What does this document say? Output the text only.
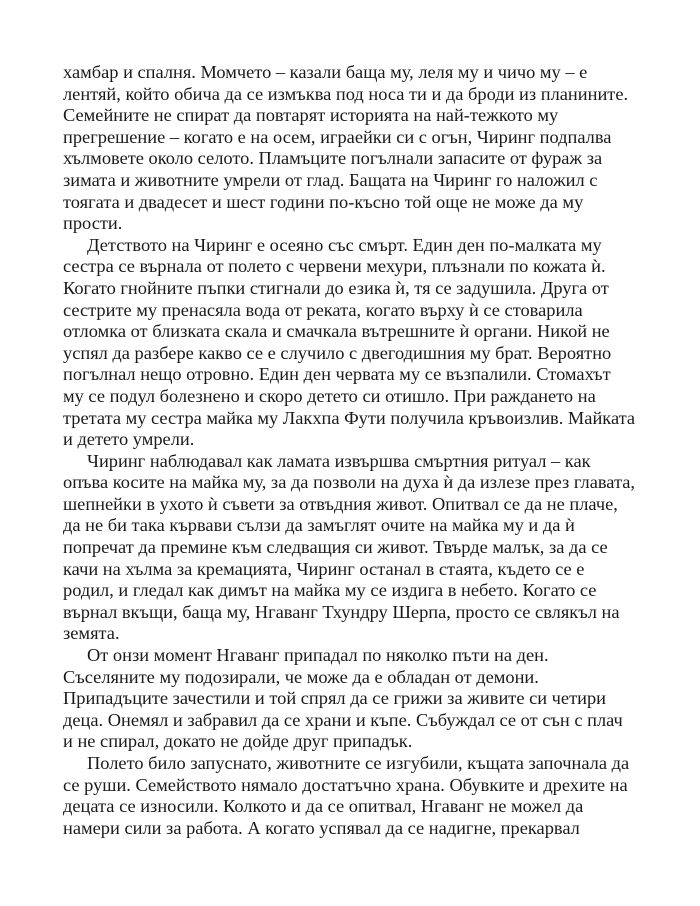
хамбар и спалня. Момчето – казали баща му, леля му и чичо му – е
лентяй, който обича да се измъква под носа ти и да броди из планините.
Семейните не спират да повтарят историята на най-тежкото му
прегрешение – когато е на осем, играейки си с огън, Чиринг подпалва
хълмовете около селото. Пламъците погълнали запасите от фураж за
зимата и животните умрели от глад. Бащата на Чиринг го наложил с
тоягата и двадесет и шест години по-късно той още не може да му
прости.
Детството на Чиринг е осеяно със смърт. Един ден по-малката му
сестра се върнала от полето с червени мехури, плъзнали по кожата ѝ.
Когато гнойните пъпки стигнали до езика ѝ, тя се задушила. Друга от
сестрите му пренасяла вода от реката, когато върху ѝ се стоварила
отломка от близката скала и смачкала вътрешните ѝ органи. Никой не
успял да разбере какво се е случило с двегодишния му брат. Вероятно
погълнал нещо отровно. Един ден червата му се възпалили. Стомахът
му се подул болезнено и скоро детето си отишло. При раждането на
третата му сестра майка му Лакхпа Фути получила кръвоизлив. Майката
и детето умрели.
Чиринг наблюдавал как ламата извършва смъртния ритуал – как
опъва косите на майка му, за да позволи на духа ѝ да излезе през главата,
шепнейки в ухото ѝ съвети за отвъдния живот. Опитвал се да не плаче,
да не би така кървави сълзи да замъглят очите на майка му и да ѝ
попречат да премине към следващия си живот. Твърде малък, за да се
качи на хълма за кремацията, Чиринг останал в стаята, където се е
родил, и гледал как димът на майка му се издига в небето. Когато се
върнал вкъщи, баща му, Нгаванг Тхундру Шерпа, просто се свлякъл на
земята.
От онзи момент Нгаванг припадал по няколко пъти на ден.
Съселяните му подозирали, че може да е обладан от демони.
Припадъците зачестили и той спрял да се грижи за живите си четири
деца. Онемял и забравил да се храни и къпе. Събуждал се от сън с плач
и не спирал, докато не дойде друг припадък.
Полето било запуснато, животните се изгубили, къщата започнала да
се руши. Семейството нямало достатъчно храна. Обувките и дрехите на
децата се износили. Колкото и да се опитвал, Нгаванг не можел да
намери сили за работа. А когато успявал да се надигне, прекарвал
